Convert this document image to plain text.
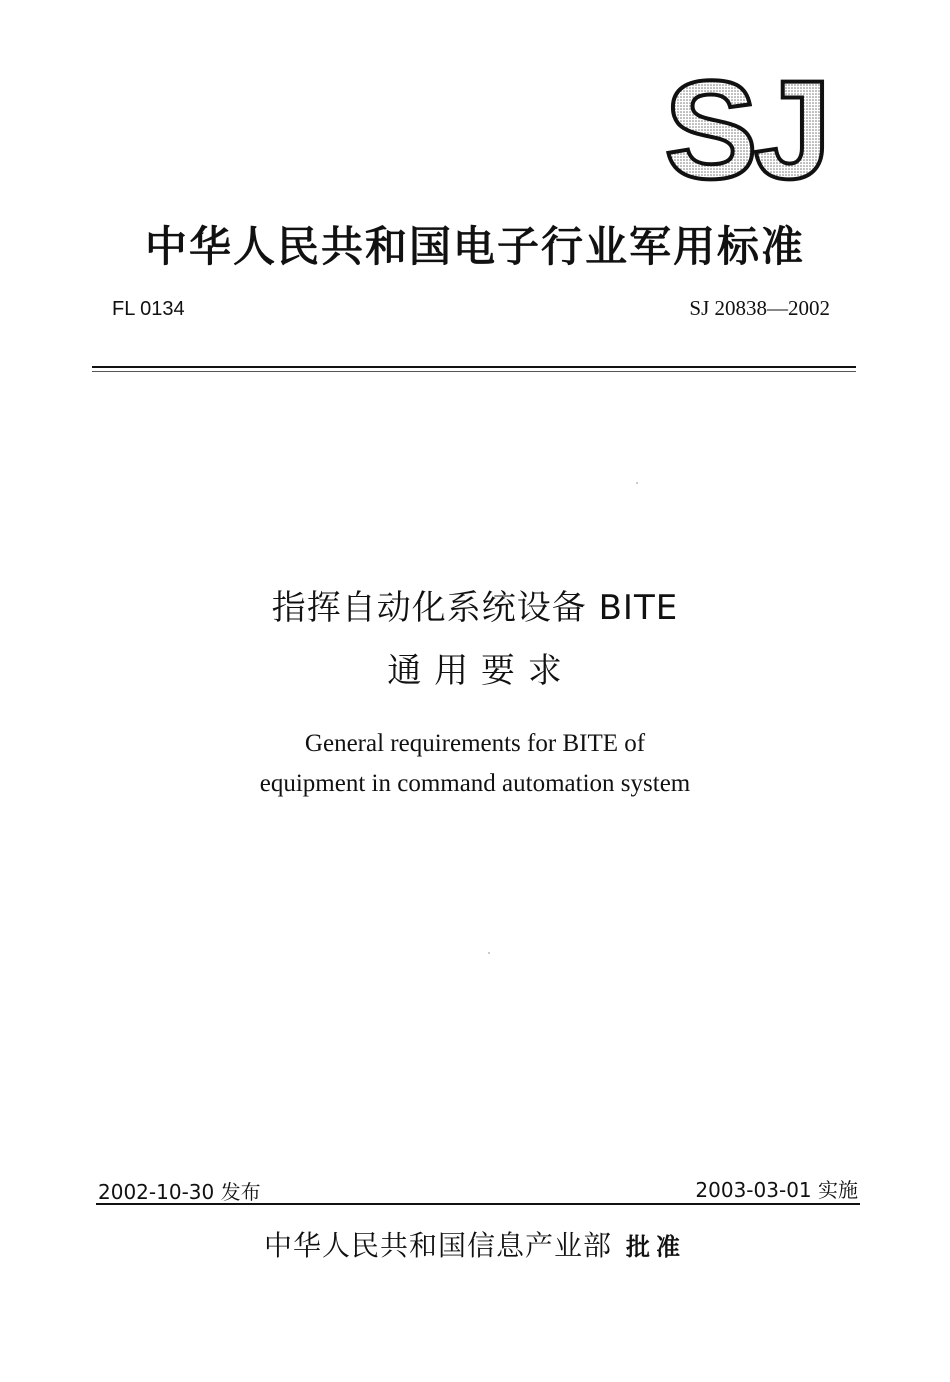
SJ
中华人民共和国电子行业军用标准
FL 0134	SJ 20838—2002
指挥自动化系统设备 BITE
通 用 要 求
General requirements for BITE of
equipment in command automation system
2002-10-30 发布	2003-03-01 实施
中华人民共和国信息产业部 批准
